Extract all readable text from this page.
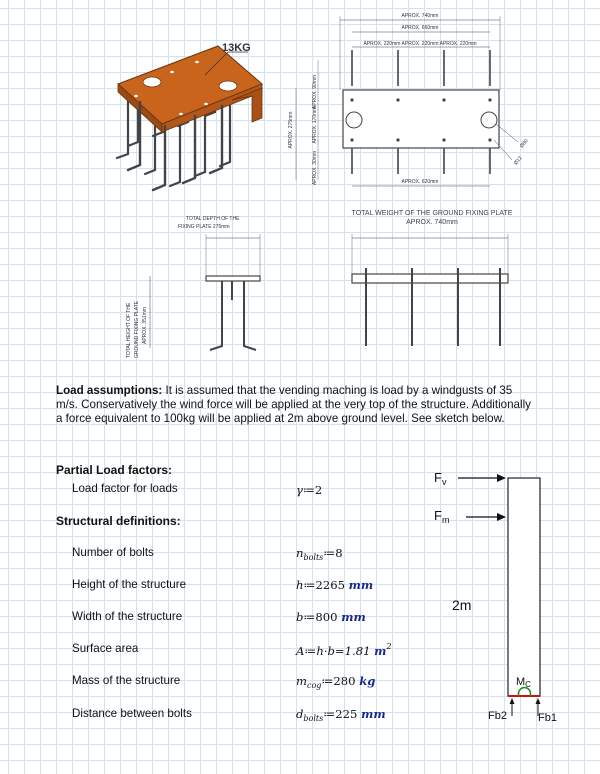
APROX. 740mm
APROX. 660mm
APROX. 220mm APROX. 220mm APROX. 220mm
APROX. 620mm
APROX. 90mm
APROX. 170mm
APROX. 30mm
APROX. 275mm	Ø80
Ø12
TOTAL DEPTH OF THE
FIXING PLATE 275mm
TOTAL HEIGHT OF THE GROUND FIXING PLATE APROX. 351mm
TOTAL WEIGHT OF THE GROUND FIXING PLATE
APROX. 740mm
13KG
Load assumptions: It is assumed that the vending maching is load by a windgusts of 35 m/s. Conservatively the wind force will be applied at the very top of the structure. Additionally a force equivalent to 100kg will be applied at 2m above ground level. See sketch below.
Partial Load factors:
Load factor for loads	γ≔2
Structural definitions:
Number of bolts	$n_{bolts}≔8$
Height of the structure	h≔2265 mm
Width of the structure	b≔800 mm
Surface area	A≔h·b=1.81 $m^2$
Mass of the structure	$m_{cog}≔280$ kg
Distance between bolts	$d_{bolts}≔225$ mm
$F_v$
$F_m$
2m
MC
Fb2	Fb1
